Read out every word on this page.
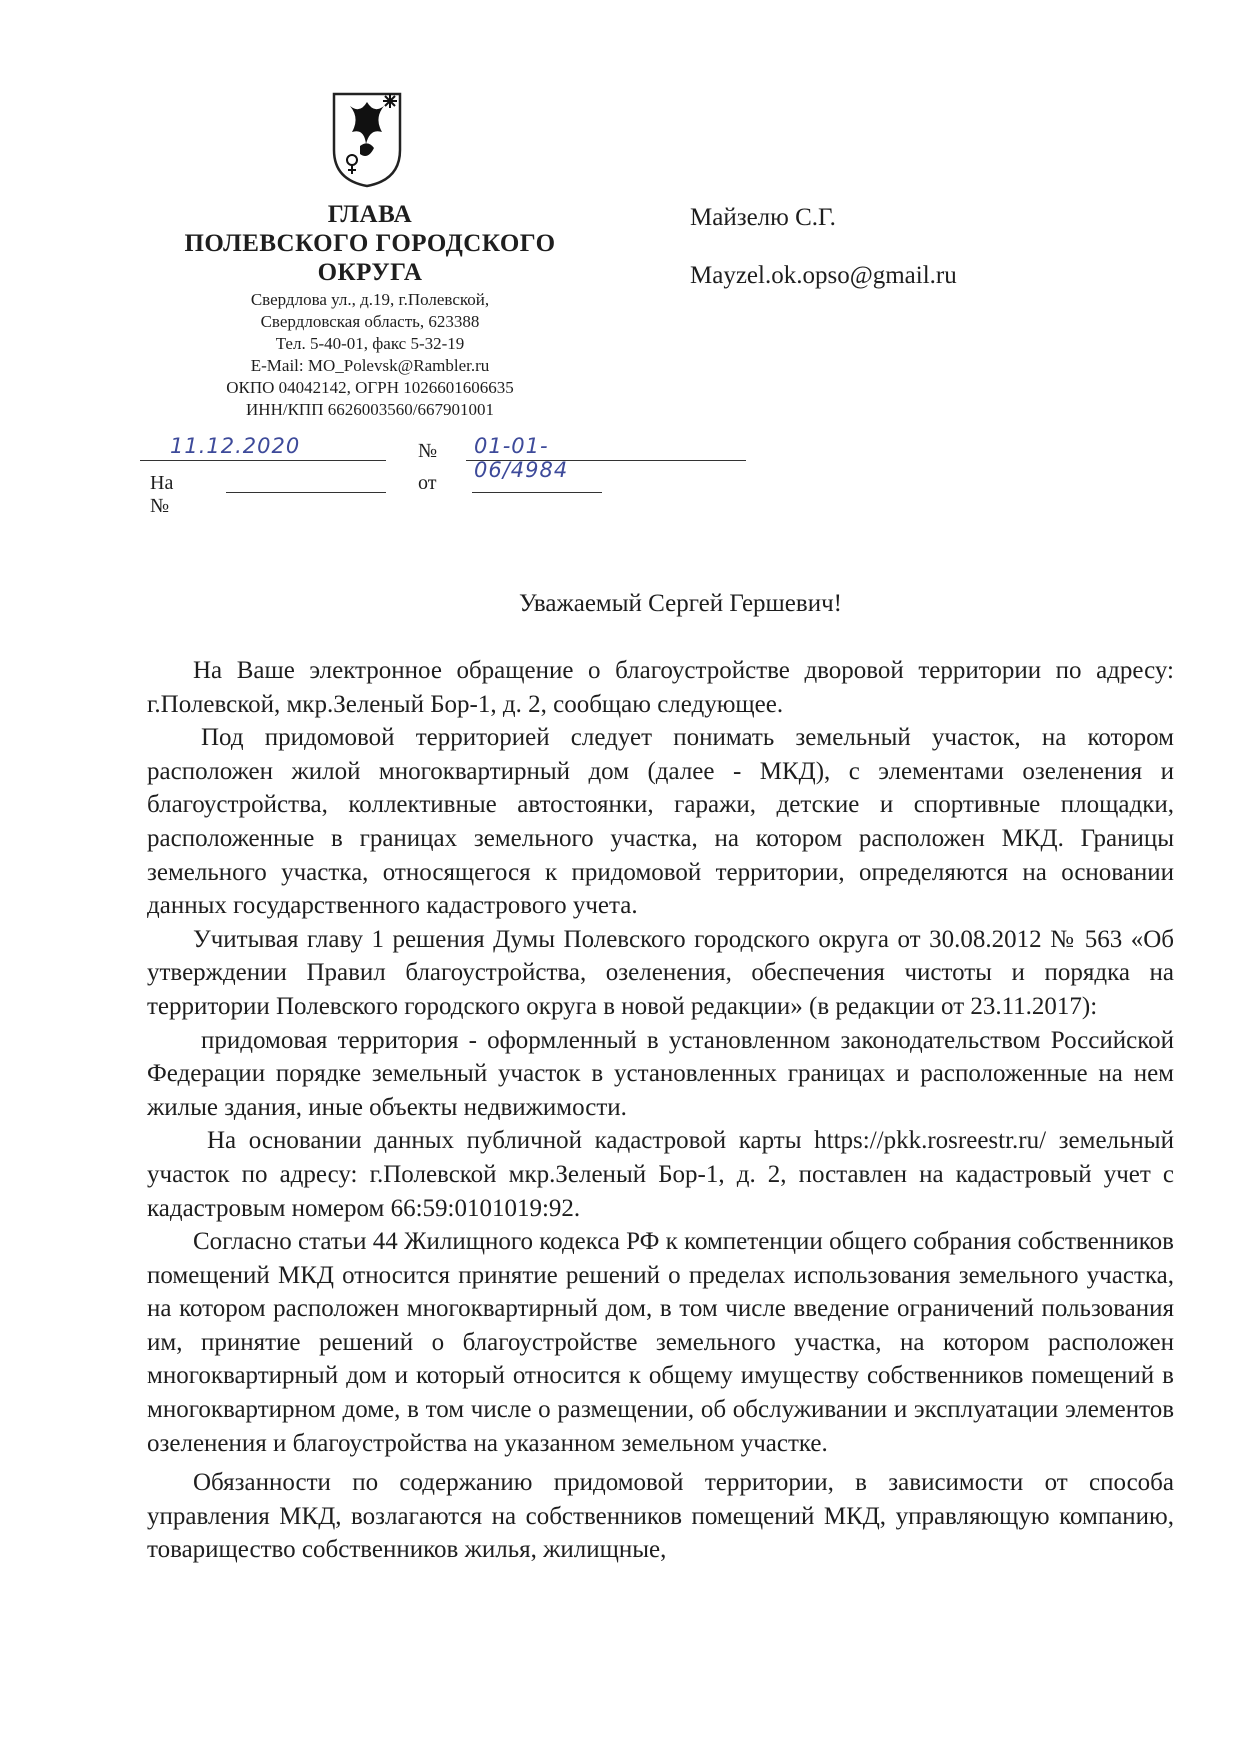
ГЛАВА
ПОЛЕВСКОГО ГОРОДСКОГО
ОКРУГА
Свердлова ул., д.19, г.Полевской,
Свердловская область, 623388
Тел. 5-40-01, факс 5-32-19
E-Mail: MO_Polevsk@Rambler.ru
ОКПО 04042142, ОГРН 1026601606635
ИНН/КПП 6626003560/667901001
Майзелю С.Г.
Mayzel.ok.opso@gmail.ru
11.12.2020	№ 01-01-06/4984
На №
от
Уважаемый Сергей Гершевич!

На Ваше электронное обращение о благоустройстве дворовой территории по адресу: г.Полевской, мкр.Зеленый Бор-1, д. 2, сообщаю следующее.

Под придомовой территорией следует понимать земельный участок, на котором расположен жилой многоквартирный дом (далее - МКД), с элементами озеленения и благоустройства, коллективные автостоянки, гаражи, детские и спортивные площадки, расположенные в границах земельного участка, на котором расположен МКД. Границы земельного участка, относящегося к придомовой территории, определяются на основании данных государственного кадастрового учета.

Учитывая главу 1 решения Думы Полевского городского округа от 30.08.2012 № 563 «Об утверждении Правил благоустройства, озеленения, обеспечения чистоты и порядка на территории Полевского городского округа в новой редакции» (в редакции от 23.11.2017):

придомовая территория - оформленный в установленном законодательством Российской Федерации порядке земельный участок в установленных границах и расположенные на нем жилые здания, иные объекты недвижимости.

На основании данных публичной кадастровой карты https://pkk.rosreestr.ru/ земельный участок по адресу: г.Полевской мкр.Зеленый Бор-1, д. 2, поставлен на кадастровый учет с кадастровым номером 66:59:0101019:92.

Согласно статьи 44 Жилищного кодекса РФ к компетенции общего собрания собственников помещений МКД относится принятие решений о пределах использования земельного участка, на котором расположен многоквартирный дом, в том числе введение ограничений пользования им, принятие решений о благоустройстве земельного участка, на котором расположен многоквартирный дом и который относится к общему имуществу собственников помещений в многоквартирном доме, в том числе о размещении, об обслуживании и эксплуатации элементов озеленения и благоустройства на указанном земельном участке.

Обязанности по содержанию придомовой территории, в зависимости от способа управления МКД, возлагаются на собственников помещений МКД, управляющую компанию, товарищество собственников жилья, жилищные,
